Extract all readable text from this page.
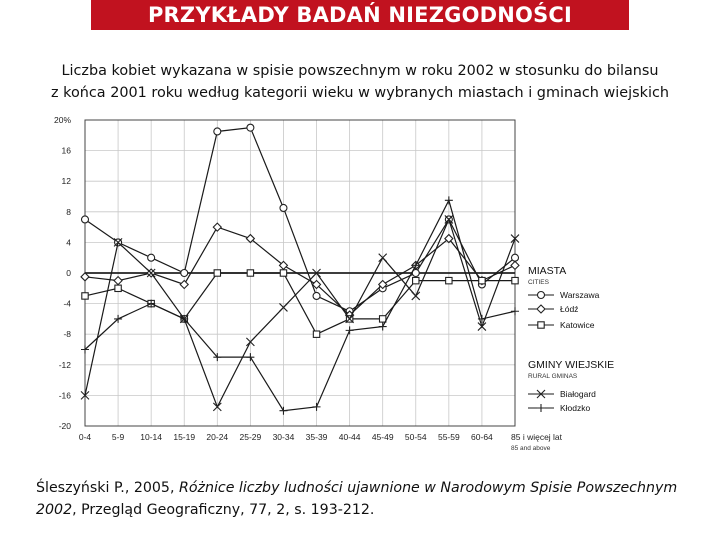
PRZYKŁADY BADAŃ NIEZGODNOŚCI
Liczba kobiet wykazana w spisie powszechnym w roku 2002 w stosunku do bilansu
z końca 2001 roku według kategorii wieku w wybranych miastach i gminach wiejskich
20%
16
12
8
4
0
-4
-8
-12
-16
-20
0-4 5-9 10-14 15-19 20-24 25-29 30-34 35-39 40-44 45-49 50-54 55-59 60-64 85 i więcej lat
85 and above
MIASTA
CITIES
GMINY WIEJSKIE
RURAL GMINAS
Warszawa
Łódź
Katowice
Białogard
Kłodzko
Śleszyński P., 2005, Różnice liczby ludności ujawnione w Narodowym Spisie Powszechnym 2002, Przegląd Geograficzny, 77, 2, s. 193-212.
